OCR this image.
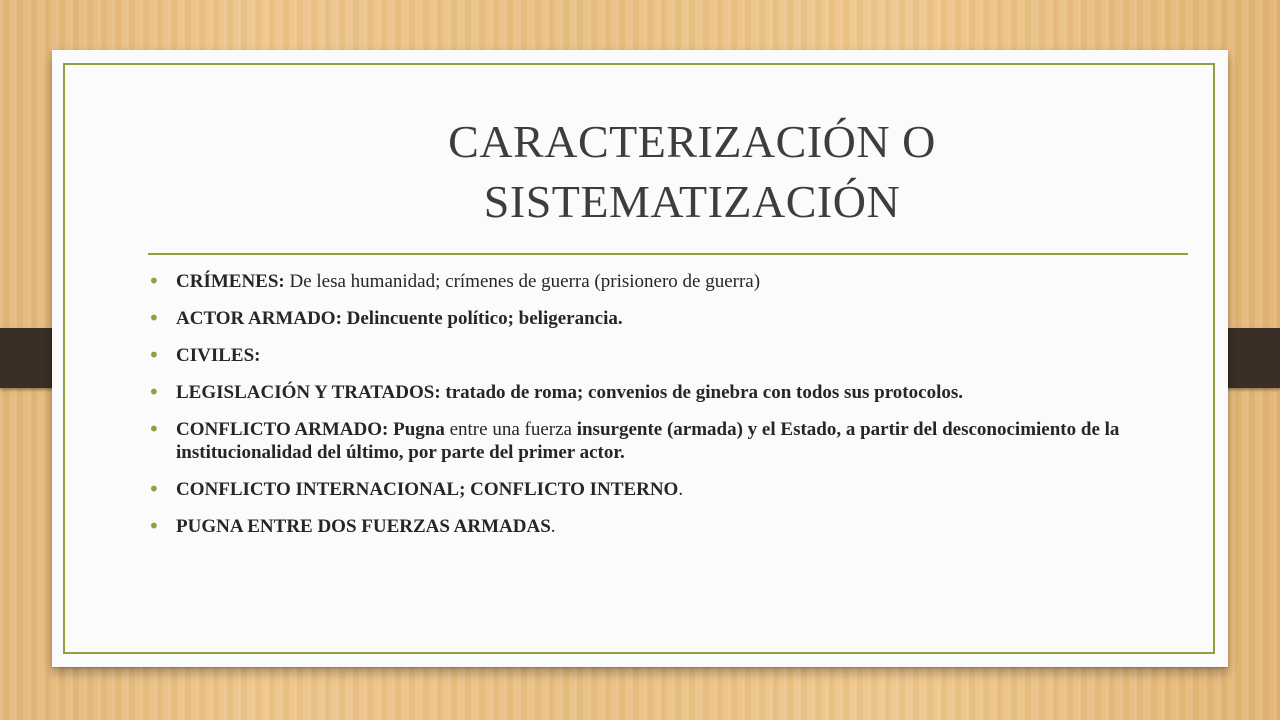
CARACTERIZACIÓN O
SISTEMATIZACIÓN
• CRÍMENES: De lesa humanidad; crímenes de guerra (prisionero de guerra)
• ACTOR ARMADO: Delincuente político; beligerancia.
• CIVILES:
• LEGISLACIÓN Y TRATADOS: tratado de roma; convenios de ginebra con todos sus protocolos.
• CONFLICTO ARMADO: Pugna entre una fuerza insurgente (armada) y el Estado, a partir del desconocimiento de la institucionalidad del último, por parte del primer actor.
• CONFLICTO INTERNACIONAL; CONFLICTO INTERNO.
• PUGNA ENTRE DOS FUERZAS ARMADAS.
